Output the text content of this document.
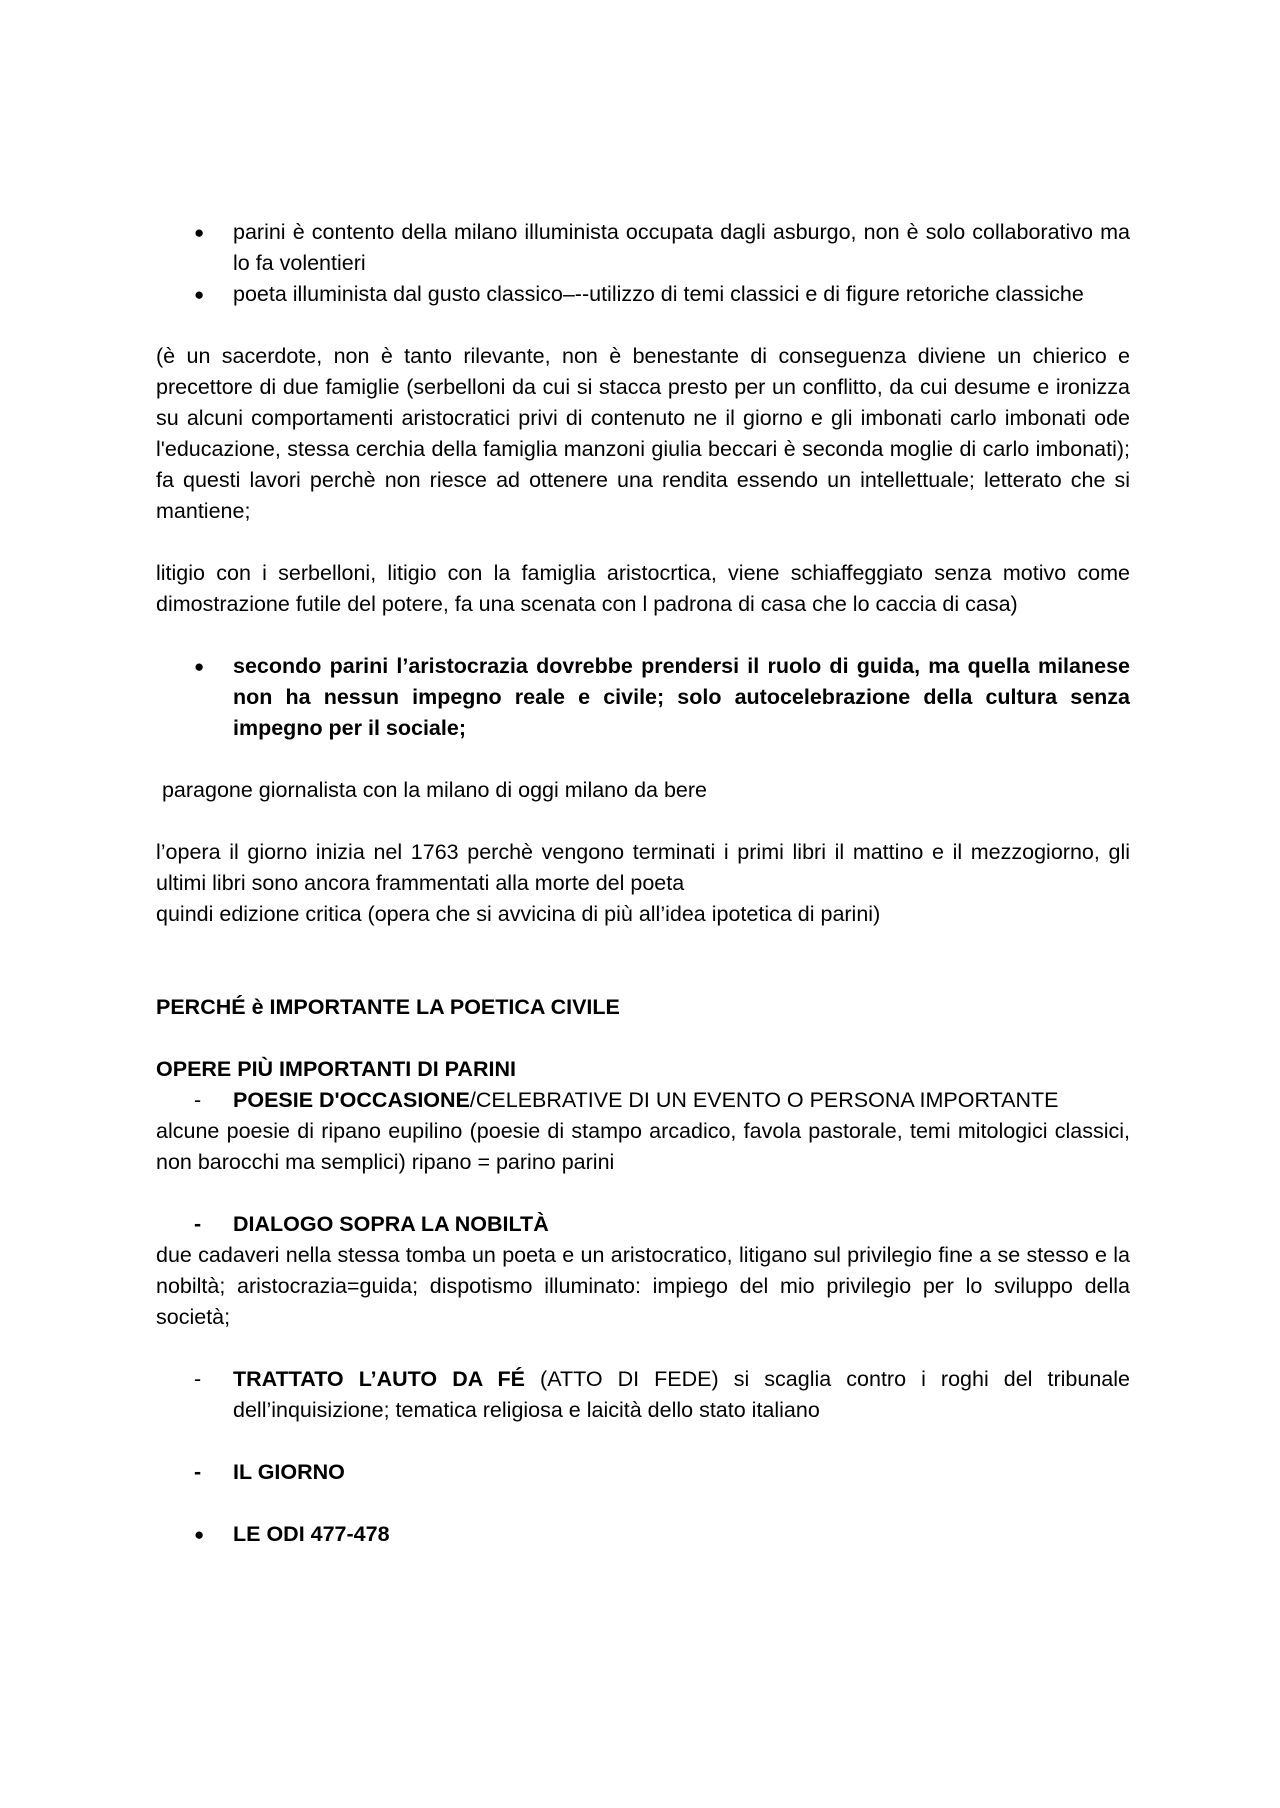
●	parini è contento della milano illuminista occupata dagli asburgo, non è solo collaborativo ma lo fa volentieri
●	poeta illuminista dal gusto classico–--utilizzo di temi classici e di figure retoriche classiche

(è un sacerdote, non è tanto rilevante, non è benestante di conseguenza diviene un chierico e precettore di due famiglie (serbelloni da cui si stacca presto per un conflitto, da cui desume e ironizza su alcuni comportamenti aristocratici privi di contenuto ne il giorno e gli imbonati carlo imbonati ode l'educazione, stessa cerchia della famiglia manzoni giulia beccari è seconda moglie di carlo imbonati); fa questi lavori perchè non riesce ad ottenere una rendita essendo un intellettuale; letterato che si mantiene;

litigio con i serbelloni, litigio con la famiglia aristocrtica, viene schiaffeggiato senza motivo come dimostrazione futile del potere, fa una scenata con l padrona di casa che lo caccia di casa)

●	secondo parini l’aristocrazia dovrebbe prendersi il ruolo di guida, ma quella milanese non ha nessun impegno reale e civile; solo autocelebrazione della cultura senza impegno per il sociale;

paragone giornalista con la milano di oggi milano da bere

l’opera il giorno inizia nel 1763 perchè vengono terminati i primi libri il mattino e il mezzogiorno, gli ultimi libri sono ancora frammentati alla morte del poeta

quindi edizione critica (opera che si avvicina di più all’idea ipotetica di parini)

PERCHÉ è IMPORTANTE LA POETICA CIVILE

OPERE PIÙ IMPORTANTI DI PARINI

-	POESIE D'OCCASIONE/CELEBRATIVE DI UN EVENTO O PERSONA IMPORTANTE

alcune poesie di ripano eupilino (poesie di stampo arcadico, favola pastorale, temi mitologici classici, non barocchi ma semplici) ripano = parino parini

-	DIALOGO SOPRA LA NOBILTÀ

due cadaveri nella stessa tomba un poeta e un aristocratico, litigano sul privilegio fine a se stesso e la nobiltà; aristocrazia=guida; dispotismo illuminato: impiego del mio privilegio per lo sviluppo della società;

-	TRATTATO L’AUTO DA FÉ (ATTO DI FEDE) si scaglia contro i roghi del tribunale dell’inquisizione; tematica religiosa e laicità dello stato italiano
-	IL GIORNO
●	LE ODI 477-478
